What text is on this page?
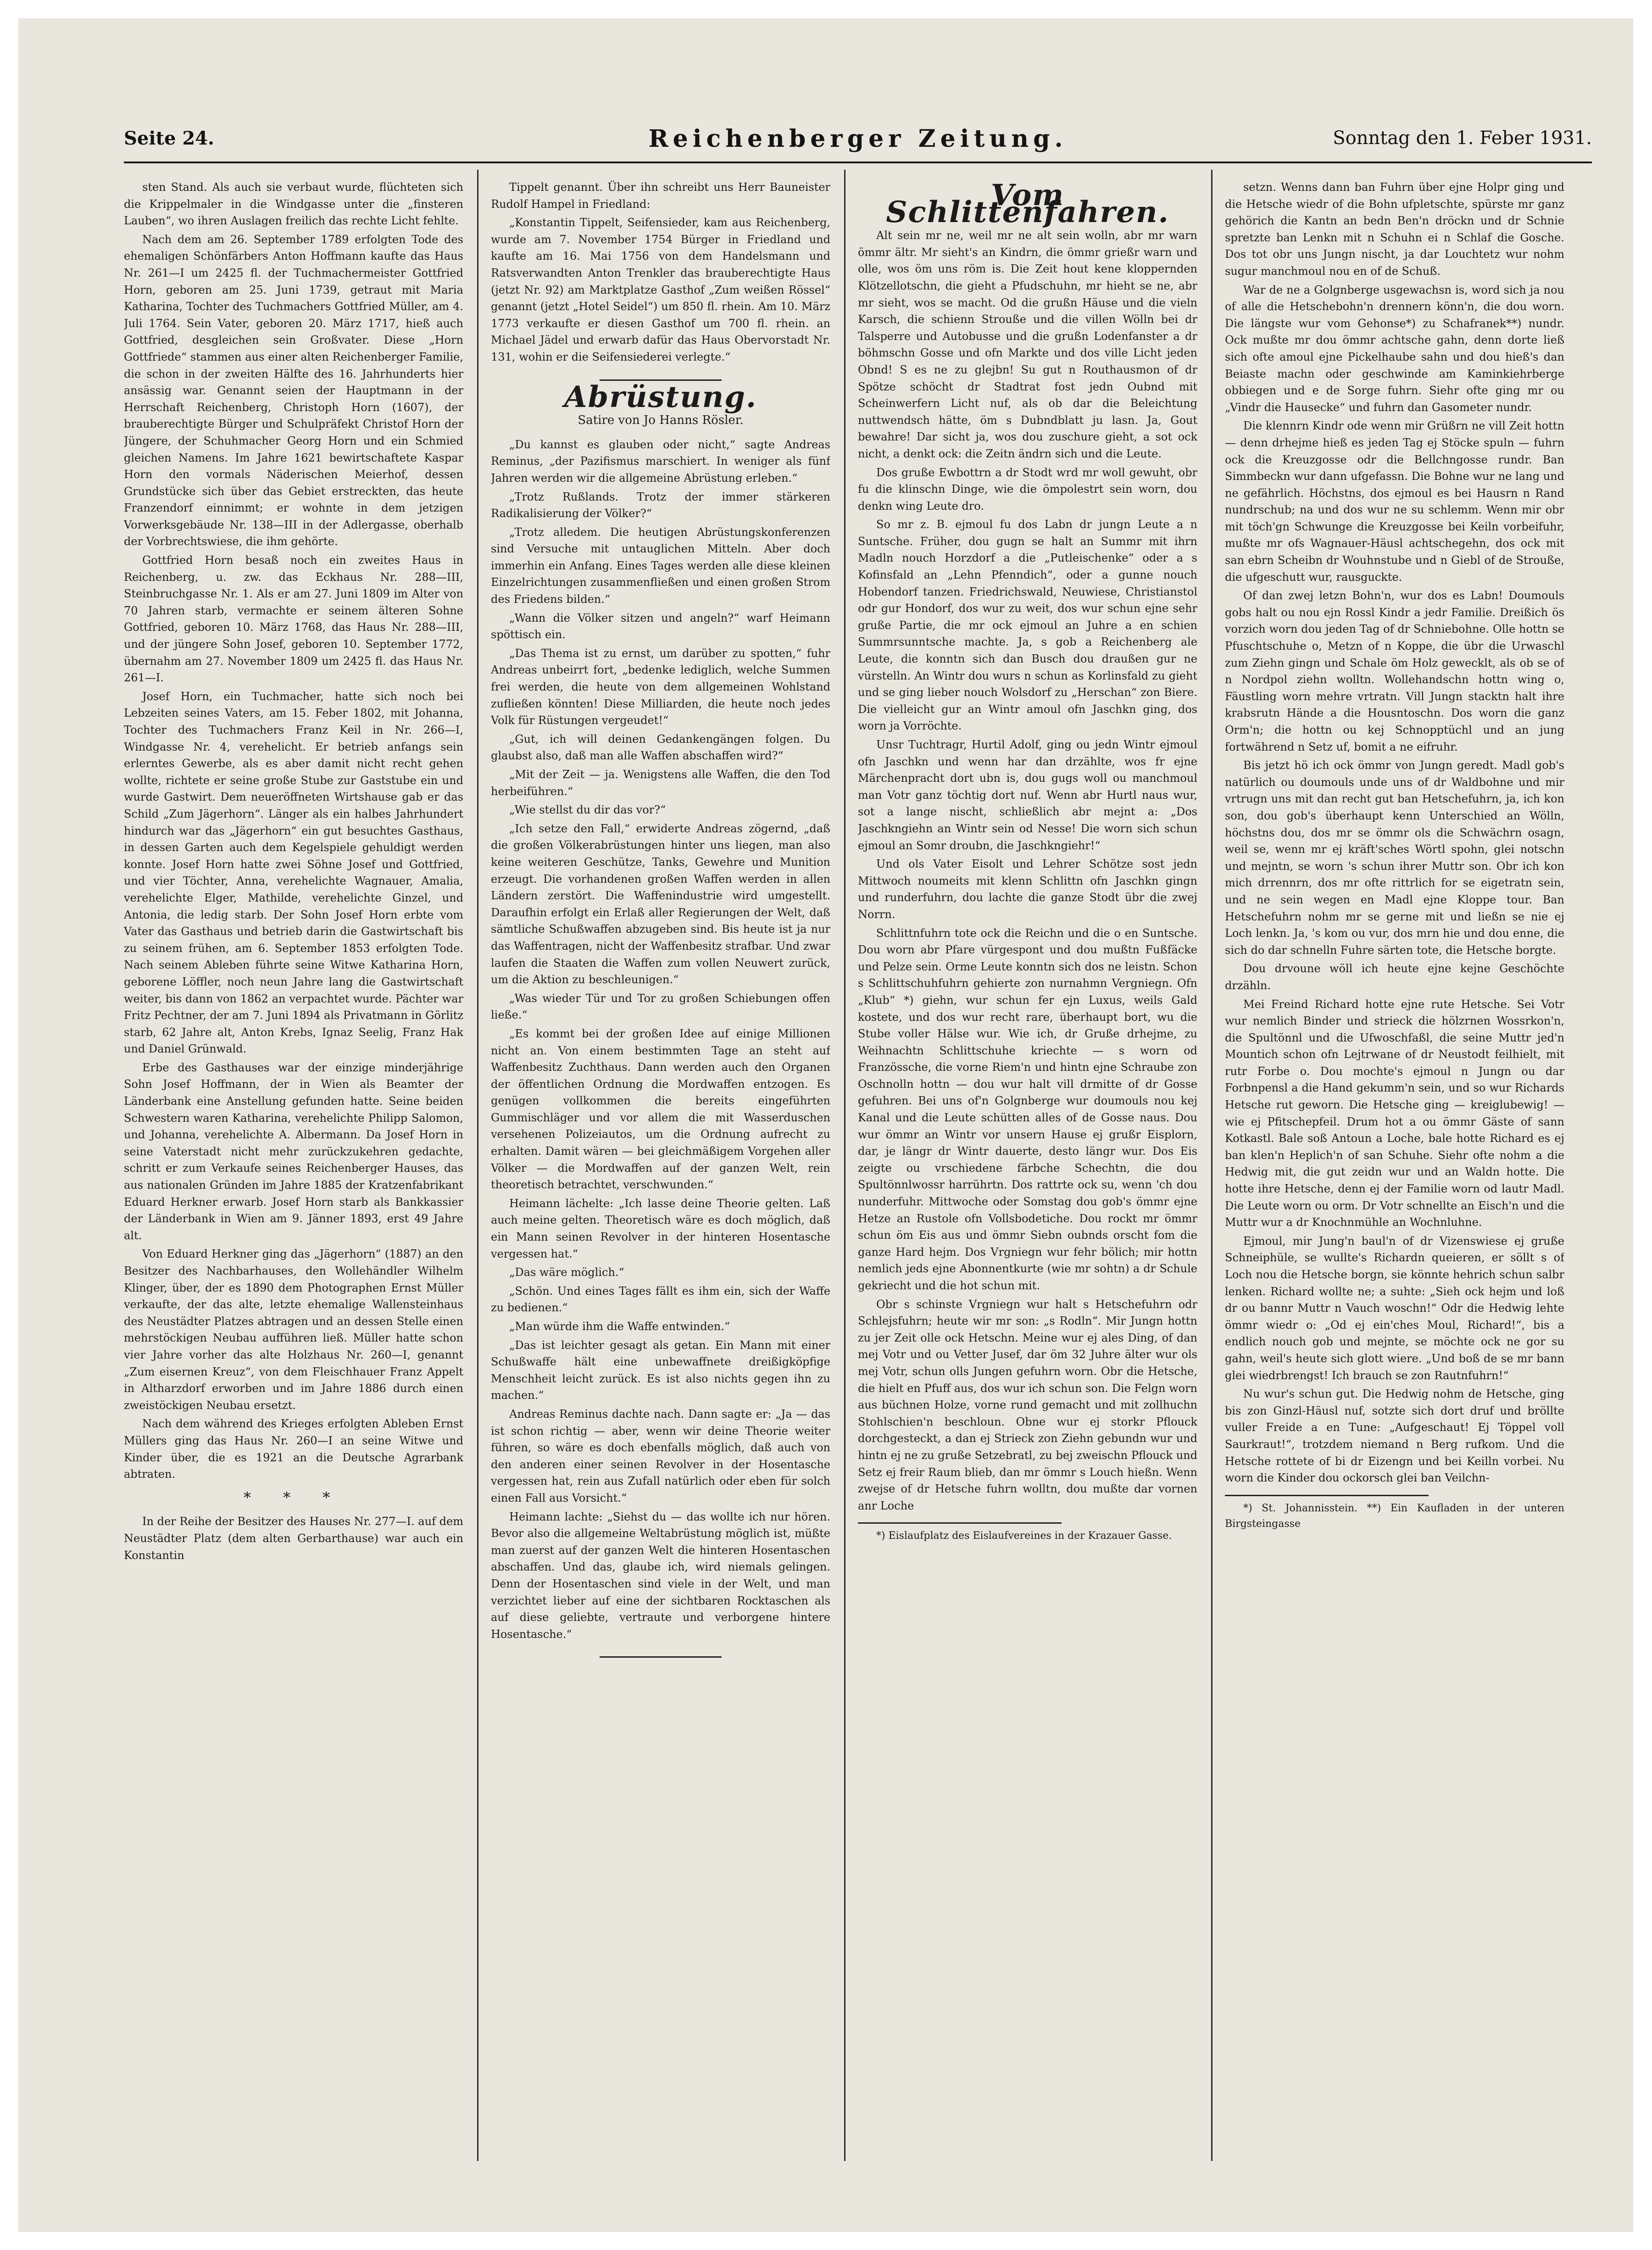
Seite 24.	Reichenberger Zeitung.	Sonntag den 1. Feber 1931.

sten Stand. Als auch sie verbaut wurde, flüchteten sich die Krippelmaler in die Windgasse unter die „finsteren Lauben“, wo ihren Auslagen freilich das rechte Licht fehlte.

Nach dem am 26. September 1789 erfolgten Tode des ehemaligen Schönfärbers Anton Hoffmann kaufte das Haus Nr. 261—I um 2425 fl. der Tuchmachermeister Gottfried Horn, geboren am 25. Juni 1739, getraut mit Maria Katharina, Tochter des Tuchmachers Gottfried Müller, am 4. Juli 1764. Sein Vater, geboren 20. März 1717, hieß auch Gottfried, desgleichen sein Großvater. Diese „Horn Gottfriede“ stammen aus einer alten Reichenberger Familie, die schon in der zweiten Hälfte des 16. Jahrhunderts hier ansässig war. Genannt seien der Hauptmann in der Herrschaft Reichenberg, Christoph Horn (1607), der brauberechtigte Bürger und Schulpräfekt Christof Horn der Jüngere, der Schuhmacher Georg Horn und ein Schmied gleichen Namens. Im Jahre 1621 bewirtschaftete Kaspar Horn den vormals Näderischen Meierhof, dessen Grundstücke sich über das Gebiet erstreckten, das heute Franzendorf einnimmt; er wohnte in dem jetzigen Vorwerksgebäude Nr. 138—III in der Adlergasse, oberhalb der Vorbrechtswiese, die ihm gehörte.

Gottfried Horn besaß noch ein zweites Haus in Reichenberg, u. zw. das Eckhaus Nr. 288—III, Steinbruchgasse Nr. 1. Als er am 27. Juni 1809 im Alter von 70 Jahren starb, vermachte er seinem älteren Sohne Gottfried, geboren 10. März 1768, das Haus Nr. 288—III, und der jüngere Sohn Josef, geboren 10. September 1772, übernahm am 27. November 1809 um 2425 fl. das Haus Nr. 261—I.

Josef Horn, ein Tuchmacher, hatte sich noch bei Lebzeiten seines Vaters, am 15. Feber 1802, mit Johanna, Tochter des Tuchmachers Franz Keil in Nr. 266—I, Windgasse Nr. 4, verehelicht. Er betrieb anfangs sein erlerntes Gewerbe, als es aber damit nicht recht gehen wollte, richtete er seine große Stube zur Gaststube ein und wurde Gastwirt. Dem neueröffneten Wirtshause gab er das Schild „Zum Jägerhorn“. Länger als ein halbes Jahrhundert hindurch war das „Jägerhorn“ ein gut besuchtes Gasthaus, in dessen Garten auch dem Kegelspiele gehuldigt werden konnte. Josef Horn hatte zwei Söhne Josef und Gottfried, und vier Töchter, Anna, verehelichte Wagnauer, Amalia, verehelichte Elger, Mathilde, verehelichte Ginzel, und Antonia, die ledig starb. Der Sohn Josef Horn erbte vom Vater das Gasthaus und betrieb darin die Gastwirtschaft bis zu seinem frühen, am 6. September 1853 erfolgten Tode. Nach seinem Ableben führte seine Witwe Katharina Horn, geborene Löffler, noch neun Jahre lang die Gastwirtschaft weiter, bis dann von 1862 an verpachtet wurde. Pächter war Fritz Pechtner, der am 7. Juni 1894 als Privatmann in Görlitz starb, 62 Jahre alt, Anton Krebs, Ignaz Seelig, Franz Hak und Daniel Grünwald.

Erbe des Gasthauses war der einzige minderjährige Sohn Josef Hoffmann, der in Wien als Beamter der Länderbank eine Anstellung gefunden hatte. Seine beiden Schwestern waren Katharina, verehelichte Philipp Salomon, und Johanna, verehelichte A. Albermann. Da Josef Horn in seine Vaterstadt nicht mehr zurückzukehren gedachte, schritt er zum Verkaufe seines Reichenberger Hauses, das aus nationalen Gründen im Jahre 1885 der Kratzenfabrikant Eduard Herkner erwarb. Josef Horn starb als Bankkassier der Länderbank in Wien am 9. Jänner 1893, erst 49 Jahre alt.

Von Eduard Herkner ging das „Jägerhorn“ (1887) an den Besitzer des Nachbarhauses, den Wollehändler Wilhelm Klinger, über, der es 1890 dem Photographen Ernst Müller verkaufte, der das alte, letzte ehemalige Wallensteinhaus des Neustädter Platzes abtragen und an dessen Stelle einen mehrstöckigen Neubau aufführen ließ. Müller hatte schon vier Jahre vorher das alte Holzhaus Nr. 260—I, genannt „Zum eisernen Kreuz“, von dem Fleischhauer Franz Appelt in Altharzdorf erworben und im Jahre 1886 durch einen zweistöckigen Neubau ersetzt.

Nach dem während des Krieges erfolgten Ableben Ernst Müllers ging das Haus Nr. 260—I an seine Witwe und Kinder über, die es 1921 an die Deutsche Agrarbank abtraten.

* * *

In der Reihe der Besitzer des Hauses Nr. 277—I. auf dem Neustädter Platz (dem alten Gerbarthause) war auch ein Konstantin

Tippelt genannt. Über ihn schreibt uns Herr Bauneister Rudolf Hampel in Friedland:

„Konstantin Tippelt, Seifensieder, kam aus Reichenberg, wurde am 7. November 1754 Bürger in Friedland und kaufte am 16. Mai 1756 von dem Handelsmann und Ratsverwandten Anton Trenkler das brauberechtigte Haus (jetzt Nr. 92) am Marktplatze Gasthof „Zum weißen Rössel“ genannt (jetzt „Hotel Seidel“) um 850 fl. rhein. Am 10. März 1773 verkaufte er diesen Gasthof um 700 fl. rhein. an Michael Jädel und erwarb dafür das Haus Obervorstadt Nr. 131, wohin er die Seifensiederei verlegte.“

Abrüstung.
Satire von Jo Hanns Rösler.

„Du kannst es glauben oder nicht,“ sagte Andreas Reminus, „der Pazifismus marschiert. In weniger als fünf Jahren werden wir die allgemeine Abrüstung erleben.“

„Trotz Rußlands. Trotz der immer stärkeren Radikalisierung der Völker?“

„Trotz alledem. Die heutigen Abrüstungskonferenzen sind Versuche mit untauglichen Mitteln. Aber doch immerhin ein Anfang. Eines Tages werden alle diese kleinen Einzelrichtungen zusammenfließen und einen großen Strom des Friedens bilden.“

„Wann die Völker sitzen und angeln?“ warf Heimann spöttisch ein.

„Das Thema ist zu ernst, um darüber zu spotten,“ fuhr Andreas unbeirrt fort, „bedenke lediglich, welche Summen frei werden, die heute von dem allgemeinen Wohlstand zufließen könnten! Diese Milliarden, die heute noch jedes Volk für Rüstungen vergeudet!“

„Gut, ich will deinen Gedankengängen folgen. Du glaubst also, daß man alle Waffen abschaffen wird?“

„Mit der Zeit — ja. Wenigstens alle Waffen, die den Tod herbeiführen.“

„Wie stellst du dir das vor?“

„Ich setze den Fall,“ erwiderte Andreas zögernd, „daß die großen Völkerabrüstungen hinter uns liegen, man also keine weiteren Geschütze, Tanks, Gewehre und Munition erzeugt. Die vorhandenen großen Waffen werden in allen Ländern zerstört. Die Waffenindustrie wird umgestellt. Daraufhin erfolgt ein Erlaß aller Regierungen der Welt, daß sämtliche Schußwaffen abzugeben sind. Bis heute ist ja nur das Waffentragen, nicht der Waffenbesitz strafbar. Und zwar laufen die Staaten die Waffen zum vollen Neuwert zurück, um die Aktion zu beschleunigen.“

„Was wieder Tür und Tor zu großen Schiebungen offen ließe.“

„Es kommt bei der großen Idee auf einige Millionen nicht an. Von einem bestimmten Tage an steht auf Waffenbesitz Zuchthaus. Dann werden auch den Organen der öffentlichen Ordnung die Mordwaffen entzogen. Es genügen vollkommen die bereits eingeführten Gummischläger und vor allem die mit Wasserduschen versehenen Polizeiautos, um die Ordnung aufrecht zu erhalten. Damit wären — bei gleichmäßigem Vorgehen aller Völker — die Mordwaffen auf der ganzen Welt, rein theoretisch betrachtet, verschwunden.“

Heimann lächelte: „Ich lasse deine Theorie gelten. Laß auch meine gelten. Theoretisch wäre es doch möglich, daß ein Mann seinen Revolver in der hinteren Hosentasche vergessen hat.“

„Das wäre möglich.“

„Schön. Und eines Tages fällt es ihm ein, sich der Waffe zu bedienen.“

„Man würde ihm die Waffe entwinden.“

„Das ist leichter gesagt als getan. Ein Mann mit einer Schußwaffe hält eine unbewaffnete dreißigköpfige Menschheit leicht zurück. Es ist also nichts gegen ihn zu machen.“

Andreas Reminus dachte nach. Dann sagte er: „Ja — das ist schon richtig — aber, wenn wir deine Theorie weiter führen, so wäre es doch ebenfalls möglich, daß auch von den anderen einer seinen Revolver in der Hosentasche vergessen hat, rein aus Zufall natürlich oder eben für solch einen Fall aus Vorsicht.“

Heimann lachte: „Siehst du — das wollte ich nur hören. Bevor also die allgemeine Weltabrüstung möglich ist, müßte man zuerst auf der ganzen Welt die hinteren Hosentaschen abschaffen. Und das, glaube ich, wird niemals gelingen. Denn der Hosentaschen sind viele in der Welt, und man verzichtet lieber auf eine der sichtbaren Rocktaschen als auf diese geliebte, vertraute und verborgene hintere Hosentasche.“

Vom Schlittenfahren.

Alt sein mr ne, weil mr ne alt sein wolln, abr mr warn ömmr ältr. Mr sieht's an Kindrn, die ömmr grießr warn und olle, wos öm uns röm is. Die Zeit hout kene kloppernden Klötzellotschn, die gieht a Pfudschuhn, mr hieht se ne, abr mr sieht, wos se macht. Od die grußn Häuse und die vieln Karsch, die schienn Strouße und die villen Wölln bei dr Talsperre und Autobusse und die grußn Lodenfanster a dr böhmschn Gosse und ofn Markte und dos ville Licht jeden Obnd! S es ne zu glejbn! Su gut n Routhausmon of dr Spötze schöcht dr Stadtrat fost jedn Oubnd mit Scheinwerfern Licht nuf, als ob dar die Beleichtung nuttwendsch hätte, öm s Dubndblatt ju lasn. Ja, Gout bewahre! Dar sicht ja, wos dou zuschure gieht, a sot ock nicht, a denkt ock: die Zeitn ändrn sich und die Leute.

Dos gruße Ewbottrn a dr Stodt wrd mr woll gewuht, obr fu die klinschn Dinge, wie die ömpolestrt sein worn, dou denkn wing Leute dro.

So mr z. B. ejmoul fu dos Labn dr jungn Leute a n Suntsche. Früher, dou gugn se halt an Summr mit ihrn Madln nouch Horzdorf a die „Putleischenke“ oder a s Kofinsfald an „Lehn Pfenndich“, oder a gunne nouch Hobendorf tanzen. Friedrichswald, Neuwiese, Christianstol odr gur Hondorf, dos wur zu weit, dos wur schun ejne sehr gruße Partie, die mr ock ejmoul an Juhre a en schien Summrsunntsche machte. Ja, s gob a Reichenberg ale Leute, die konntn sich dan Busch dou draußen gur ne vürstelln. An Wintr dou wurs n schun as Korlinsfald zu gieht und se ging lieber nouch Wolsdorf zu „Herschan“ zon Biere. Die vielleicht gur an Wintr amoul ofn Jaschkn ging, dos worn ja Vorröchte.

Unsr Tuchtragr, Hurtil Adolf, ging ou jedn Wintr ejmoul ofn Jaschkn und wenn har dan drzählte, wos fr ejne Märchenpracht dort ubn is, dou gugs woll ou manchmoul man Votr ganz töchtig dort nuf. Wenn abr Hurtl naus wur, sot a lange nischt, schließlich abr mejnt a: „Dos Jaschkngiehn an Wintr sein od Nesse! Die worn sich schun ejmoul an Somr droubn, die Jaschkngiehr!“

Und ols Vater Eisolt und Lehrer Schötze sost jedn Mittwoch noumeits mit klenn Schlittn ofn Jaschkn gingn und runderfuhrn, dou lachte die ganze Stodt übr die zwej Norrn.

Schlittnfuhrn tote ock die Reichn und die o en Suntsche. Dou worn abr Pfare vürgespont und dou mußtn Fußfäcke und Pelze sein. Orme Leute konntn sich dos ne leistn. Schon s Schlittschuhfuhrn gehierte zon nurnahmn Vergniegn. Ofn „Klub“ *) giehn, wur schun fer ejn Luxus, weils Gald kostete, und dos wur recht rare, überhaupt bort, wu die Stube voller Hälse wur. Wie ich, dr Gruße drhejme, zu Weihnachtn Schlittschuhe kriechte — s worn od Französsche, die vorne Riem'n und hintn ejne Schraube zon Oschnolln hottn — dou wur halt vill drmitte of dr Gosse gefuhren. Bei uns of'n Golgnberge wur doumouls nou kej Kanal und die Leute schütten alles of de Gosse naus. Dou wur ömmr an Wintr vor unsern Hause ej grußr Eisplorn, dar, je längr dr Wintr dauerte, desto längr wur. Dos Eis zeigte ou vrschiedene färbche Schechtn, die dou Spultönnlwossr harrührtn. Dos rattrte ock su, wenn 'ch dou nunderfuhr. Mittwoche oder Somstag dou gob's ömmr ejne Hetze an Rustole ofn Vollsbodetiche. Dou rockt mr ömmr schun öm Eis aus und ömmr Siebn oubnds orscht fom die ganze Hard hejm. Dos Vrgniegn wur fehr bölich; mir hottn nemlich jeds ejne Abonnentkurte (wie mr sohtn) a dr Schule gekriecht und die hot schun mit.

Obr s schinste Vrgniegn wur halt s Hetschefuhrn odr Schlejsfuhrn; heute wir mr son: „s Rodln“. Mir Jungn hottn zu jer Zeit olle ock Hetschn. Meine wur ej ales Ding, of dan mej Votr und ou Vetter Jusef, dar öm 32 Juhre älter wur ols mej Votr, schun olls Jungen gefuhrn worn. Obr die Hetsche, die hielt en Pfuff aus, dos wur ich schun son. Die Felgn worn aus büchnen Holze, vorne rund gemacht und mit zollhuchn Stohlschien'n beschloun. Obne wur ej storkr Pflouck dorchgesteckt, a dan ej Strieck zon Ziehn gebundn wur und hintn ej ne zu gruße Setzebratl, zu bej zweischn Pflouck und Setz ej freir Raum blieb, dan mr ömmr s Louch hießn. Wenn zwejse of dr Hetsche fuhrn wolltn, dou mußte dar vornen anr Loche

*) Eislaufplatz des Eislaufvereines in der Krazauer Gasse.

setzn. Wenns dann ban Fuhrn über ejne Holpr ging und die Hetsche wiedr of die Bohn ufpletschte, spürste mr ganz gehörich die Kantn an bedn Ben'n dröckn und dr Schnie spretzte ban Lenkn mit n Schuhn ei n Schlaf die Gosche. Dos tot obr uns Jungn nischt, ja dar Louchtetz wur nohm sugur manchmoul nou en of de Schuß.

War de ne a Golgnberge usgewachsn is, word sich ja nou of alle die Hetschebohn'n drennern könn'n, die dou worn. Die längste wur vom Gehonse*) zu Schafranek**) nundr. Ock mußte mr dou ömmr achtsche gahn, denn dorte ließ sich ofte amoul ejne Pickelhaube sahn und dou hieß's dan Beiaste machn oder geschwinde am Kaminkiehrberge obbiegen und e de Sorge fuhrn. Siehr ofte ging mr ou „Vindr die Hausecke“ und fuhrn dan Gasometer nundr.

Die klennrn Kindr ode wenn mir Grüßrn ne vill Zeit hottn — denn drhejme hieß es jeden Tag ej Stöcke spuln — fuhrn ock die Kreuzgosse odr die Bellchngosse rundr. Ban Simmbeckn wur dann ufgefassn. Die Bohne wur ne lang und ne gefährlich. Höchstns, dos ejmoul es bei Hausrn n Rand nundrschub; na und dos wur ne su schlemm. Wenn mir obr mit töch'gn Schwunge die Kreuzgosse bei Keiln vorbeifuhr, mußte mr ofs Wagnauer-Häusl achtschegehn, dos ock mit san ebrn Scheibn dr Wouhnstube und n Giebl of de Strouße, die ufgeschutt wur, rausguckte.

Of dan zwej letzn Bohn'n, wur dos es Labn! Doumouls gobs halt ou nou ejn Rossl Kindr a jedr Familie. Dreißich ös vorzich worn dou jeden Tag of dr Schniebohne. Olle hottn se Pfuschtschuhe o, Metzn of n Koppe, die übr die Urwaschl zum Ziehn gingn und Schale öm Holz gewecklt, als ob se of n Nordpol ziehn wolltn. Wollehandschn hottn wing o, Fäustling worn mehre vrtratn. Vill Jungn stacktn halt ihre krabsrutn Hände a die Housntoschn. Dos worn die ganz Orm'n; die hottn ou kej Schnopptüchl und an jung fortwährend n Setz uf, bomit a ne eifruhr.

Bis jetzt hö ich ock ömmr von Jungn geredt. Madl gob's natürlich ou doumouls unde uns of dr Waldbohne und mir vrtrugn uns mit dan recht gut ban Hetschefuhrn, ja, ich kon son, dou gob's überhaupt kenn Unterschied an Wölln, höchstns dou, dos mr se ömmr ols die Schwächrn osagn, weil se, wenn mr ej kräft'sches Wörtl spohn, glei notschn und mejntn, se worn 's schun ihrer Muttr son. Obr ich kon mich drrennrn, dos mr ofte rittrlich for se eigetratn sein, und ne sein wegen en Madl ejne Kloppe tour. Ban Hetschefuhrn nohm mr se gerne mit und ließn se nie ej Loch lenkn. Ja, 's kom ou vur, dos mrn hie und dou enne, die sich do dar schnelln Fuhre särten tote, die Hetsche borgte.

Dou drvoune wöll ich heute ejne kejne Geschöchte drzähln.

Mei Freind Richard hotte ejne rute Hetsche. Sei Votr wur nemlich Binder und strieck die hölzrnen Wossrkon'n, die Spultönnl und die Ufwoschfaßl, die seine Muttr jed'n Mountich schon ofn Lejtrwane of dr Neustodt feilhielt, mit rutr Forbe o. Dou mochte's ejmoul n Jungn ou dar Forbnpensl a die Hand gekumm'n sein, und so wur Richards Hetsche rut geworn. Die Hetsche ging — kreiglubewig! — wie ej Pfitschepfeil. Drum hot a ou ömmr Gäste of sann Kotkastl. Bale soß Antoun a Loche, bale hotte Richard es ej ban klen'n Heplich'n of san Schuhe. Siehr ofte nohm a die Hedwig mit, die gut zeidn wur und an Waldn hotte. Die hotte ihre Hetsche, denn ej der Familie worn od lautr Madl. Die Leute worn ou orm. Dr Votr schnellte an Eisch'n und die Muttr wur a dr Knochnmühle an Wochnluhne.

Ejmoul, mir Jung'n baul'n of dr Vizenswiese ej gruße Schneiphüle, se wullte's Richardn queieren, er söllt s of Loch nou die Hetsche borgn, sie könnte hehrich schun salbr lenken. Richard wollte ne; a suhte: „Sieh ock hejm und loß dr ou bannr Muttr n Vauch woschn!“ Odr die Hedwig lehte ömmr wiedr o: „Od ej ein'ches Moul, Richard!“, bis a endlich nouch gob und mejnte, se möchte ock ne gor su gahn, weil's heute sich glott wiere. „Und boß de se mr bann glei wiedrbrengst! Ich brauch se zon Rautnfuhrn!“

Nu wur's schun gut. Die Hedwig nohm de Hetsche, ging bis zon Ginzl-Häusl nuf, sotzte sich dort druf und bröllte vuller Freide a en Tune: „Aufgeschaut! Ej Töppel voll Saurkraut!“, trotzdem niemand n Berg rufkom. Und die Hetsche rottete of bi dr Eizengn und bei Keilln vorbei. Nu worn die Kinder dou ockorsch glei ban Veilchn-

*) St. Johannisstein. **) Ein Kaufladen in der unteren Birgsteingasse
